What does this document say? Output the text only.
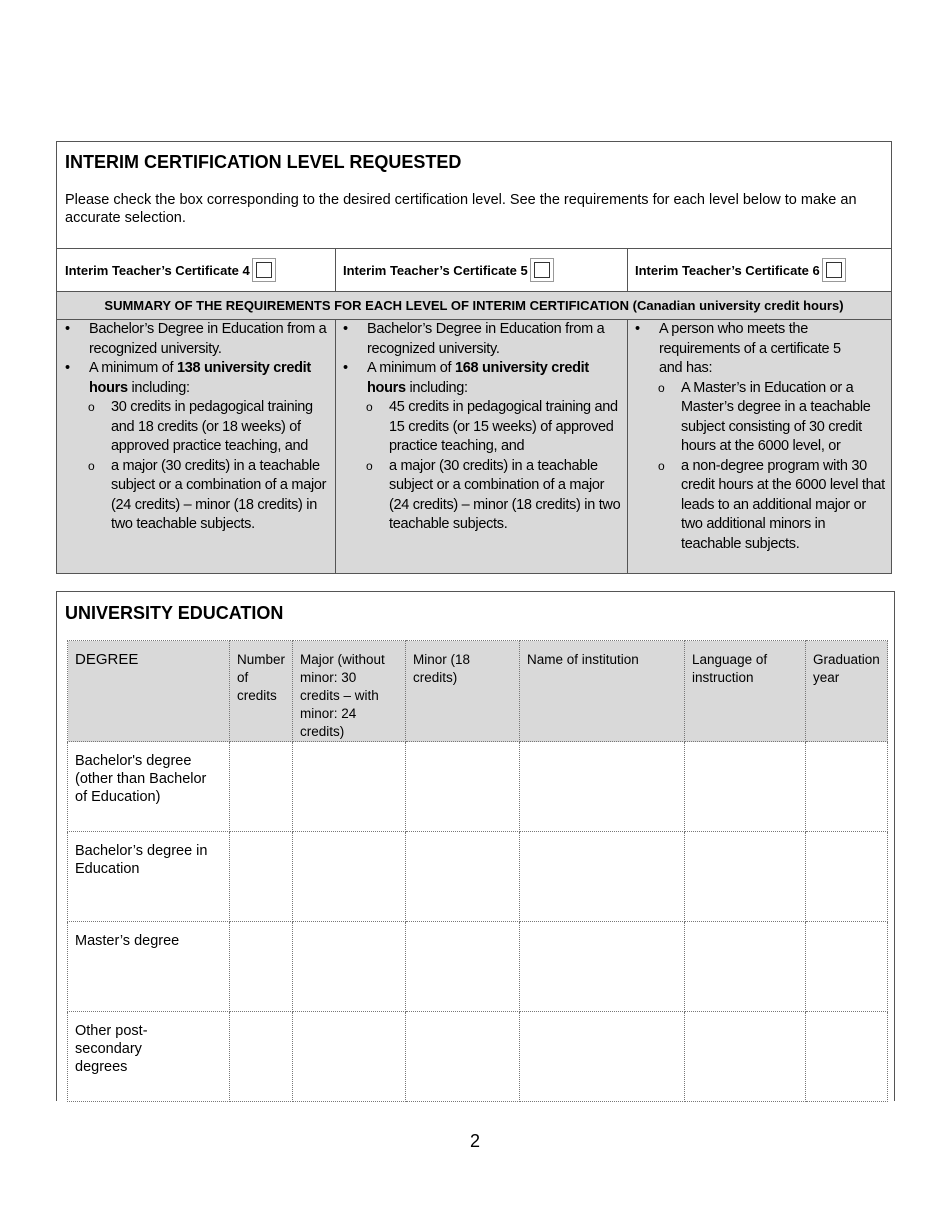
INTERIM CERTIFICATION LEVEL REQUESTED
Please check the box corresponding to the desired certification level. See the requirements for each level below to make an accurate selection.
Interim Teacher’s Certificate 4	Interim Teacher’s Certificate 5	Interim Teacher’s Certificate 6
SUMMARY OF THE REQUIREMENTS FOR EACH LEVEL OF INTERIM CERTIFICATION (Canadian university credit hours)
• Bachelor’s Degree in Education from a recognized university.
• A minimum of 138 university credit hours including:
o 30 credits in pedagogical training and 18 credits (or 18 weeks) of approved practice teaching, and
o a major (30 credits) in a teachable subject or a combination of a major (24 credits) – minor (18 credits) in two teachable subjects.
• Bachelor’s Degree in Education from a recognized university.
• A minimum of 168 university credit hours including:
o 45 credits in pedagogical training and 15 credits (or 15 weeks) of approved practice teaching, and
o a major (30 credits) in a teachable subject or a combination of a major (24 credits) – minor (18 credits) in two teachable subjects.
• A person who meets the
requirements of a certificate 5
and has:
o A Master’s in Education or a Master’s degree in a teachable subject consisting of 30 credit hours at the 6000 level, or
o a non-degree program with 30 credit hours at the 6000 level that leads to an additional major or two additional minors in teachable subjects.
UNIVERSITY EDUCATION
DEGREE	Number of credits	Major (without minor: 30 credits – with minor: 24 credits)	Minor (18 credits)	Name of institution	Language of instruction	Graduation year

Bachelor's degree (other than Bachelor of Education)						

Bachelor’s degree in Education						

Master’s degree						

Other post-secondary degrees						

2
